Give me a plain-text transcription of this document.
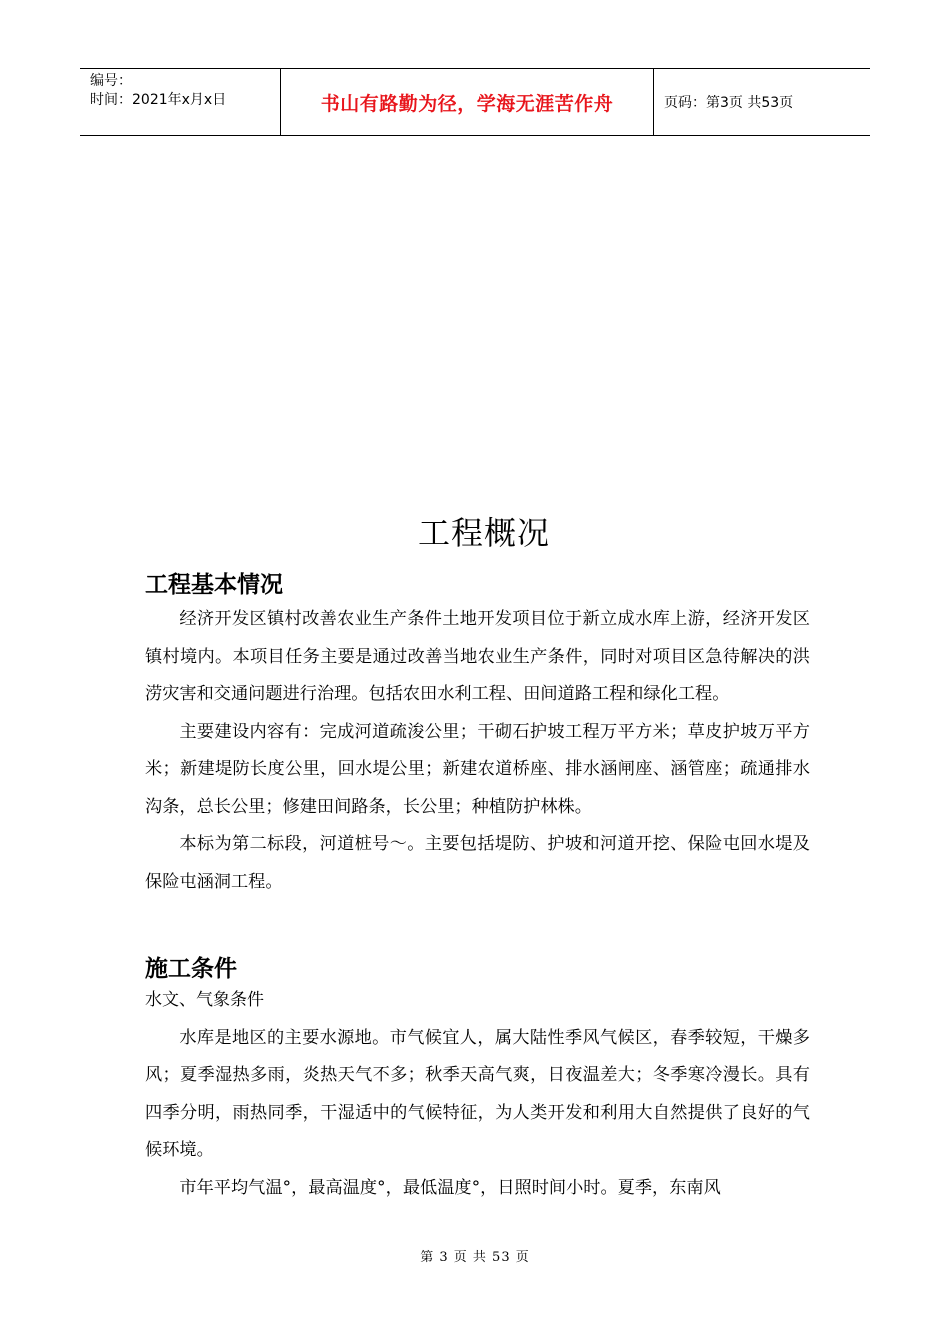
编号：
时间：2021年x月x日	书山有路勤为径，学海无涯苦作舟	页码：第3页 共53页
工程概况
工程基本情况

经济开发区镇村改善农业生产条件土地开发项目位于新立成水库上游，经济开发区镇村境内。本项目任务主要是通过改善当地农业生产条件，同时对项目区急待解决的洪涝灾害和交通问题进行治理。包括农田水利工程、田间道路工程和绿化工程。

主要建设内容有：完成河道疏浚公里；干砌石护坡工程万平方米；草皮护坡万平方米；新建堤防长度公里，回水堤公里；新建农道桥座、排水涵闸座、涵管座；疏通排水沟条，总长公里；修建田间路条，长公里；种植防护林株。

本标为第二标段，河道桩号～。主要包括堤防、护坡和河道开挖、保险屯回水堤及保险屯涵洞工程。

施工条件

水文、气象条件

水库是地区的主要水源地。市气候宜人，属大陆性季风气候区，春季较短，干燥多风；夏季湿热多雨，炎热天气不多；秋季天高气爽，日夜温差大；冬季寒冷漫长。具有四季分明，雨热同季，干湿适中的气候特征，为人类开发和利用大自然提供了良好的气候环境。

市年平均气温°，最高温度°，最低温度°，日照时间小时。夏季，东南风

第 3 页 共 53 页
